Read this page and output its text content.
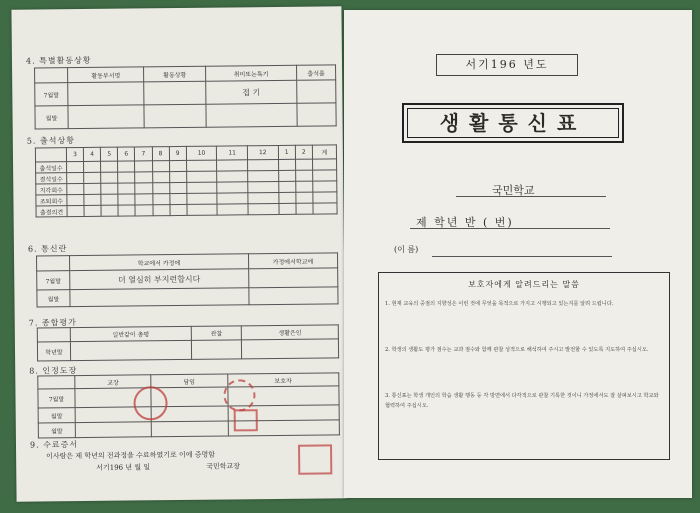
4. 특별활동상황
	활동부서명	활동상황	취미또는특기	출석률
7월말			접 기	
월말				
5. 출석상황
	3	4	5	6	7	8	9	10	11	12	1	2	계
출석일수													
결석일수													
지각회수													
조퇴회수													
출결의견													
6. 통신란
	학교에서 가정에	가정에서학교에
7월말	더 열심히 부지런합시다	
월말		
7. 종합평가
	일반같이 총평	관찰	생활은인
학년말			
8. 인정도장
	교장	담임	보호자
7월말			
월말			
월말			
9. 수료증서
이사람은 제 학년의 전과정을 수료하였기로 이에 증명함
서기196 년 월 일	국민학교장
서기196 년도
생활통신표
국민학교
제 학년 반 ( 번)
(이 름)
보호자에게 알려드리는 말씀
1. 현재 교육의 중점의 지향성은 이런 것에 무엇을 목적으로 가지고 시행되고 있는지를 알려 드립니다.
2. 학생의 생활도 평가 점수는 교과 점수와 함께 관찰 성적으로 해석하여 주시고 발전할 수 있도록 지도하여 주십시오.
3. 통신표는 학생 개인의 학습 생활 행동 등 각 방면에서 다각적으로 관찰 기록한 것이니 가정에서도 잘 살펴보시고 학교와 협력하여 주십시오.
